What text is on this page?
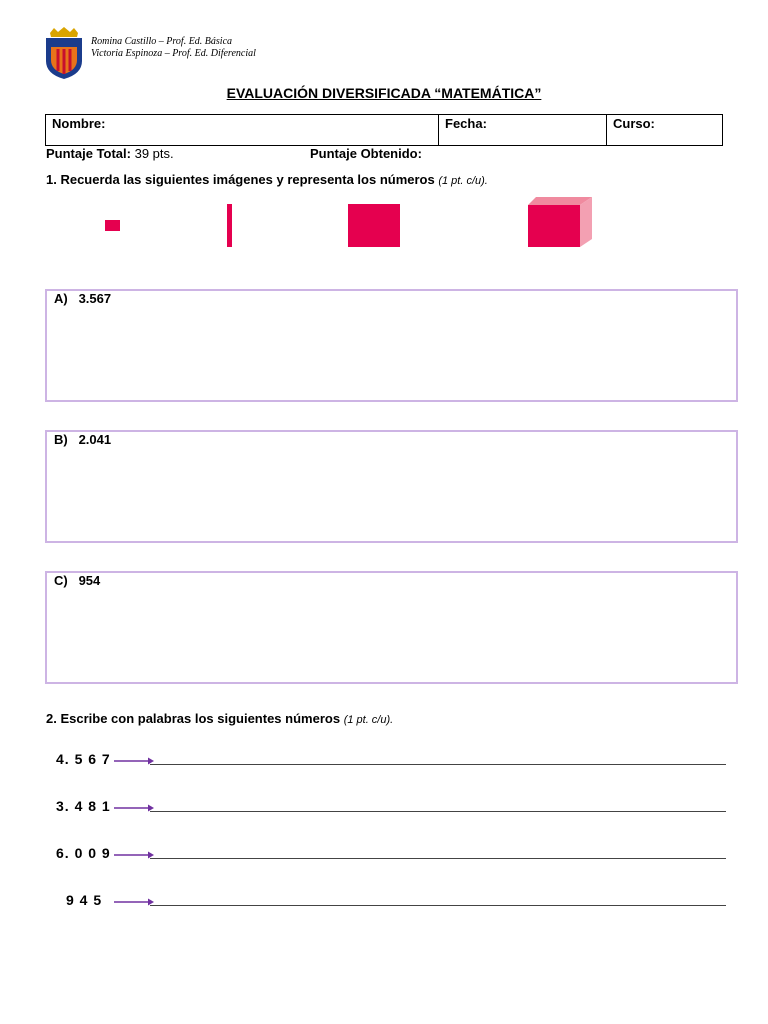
Romina Castillo – Prof. Ed. Básica
Victoria Espinoza – Prof. Ed. Diferencial
EVALUACIÓN DIVERSIFICADA “MATEMÁTICA”
Nombre:	Fecha:	Curso:
Puntaje Total: 39 pts.	Puntaje Obtenido:
1. Recuerda las siguientes imágenes y representa los números (1 pt. c/u).
A) 3.567
B) 2.041
C) 954
2. Escribe con palabras los siguientes números (1 pt. c/u).
4. 5 6 7
3. 4 8 1
6. 0 0 9
9 4 5
